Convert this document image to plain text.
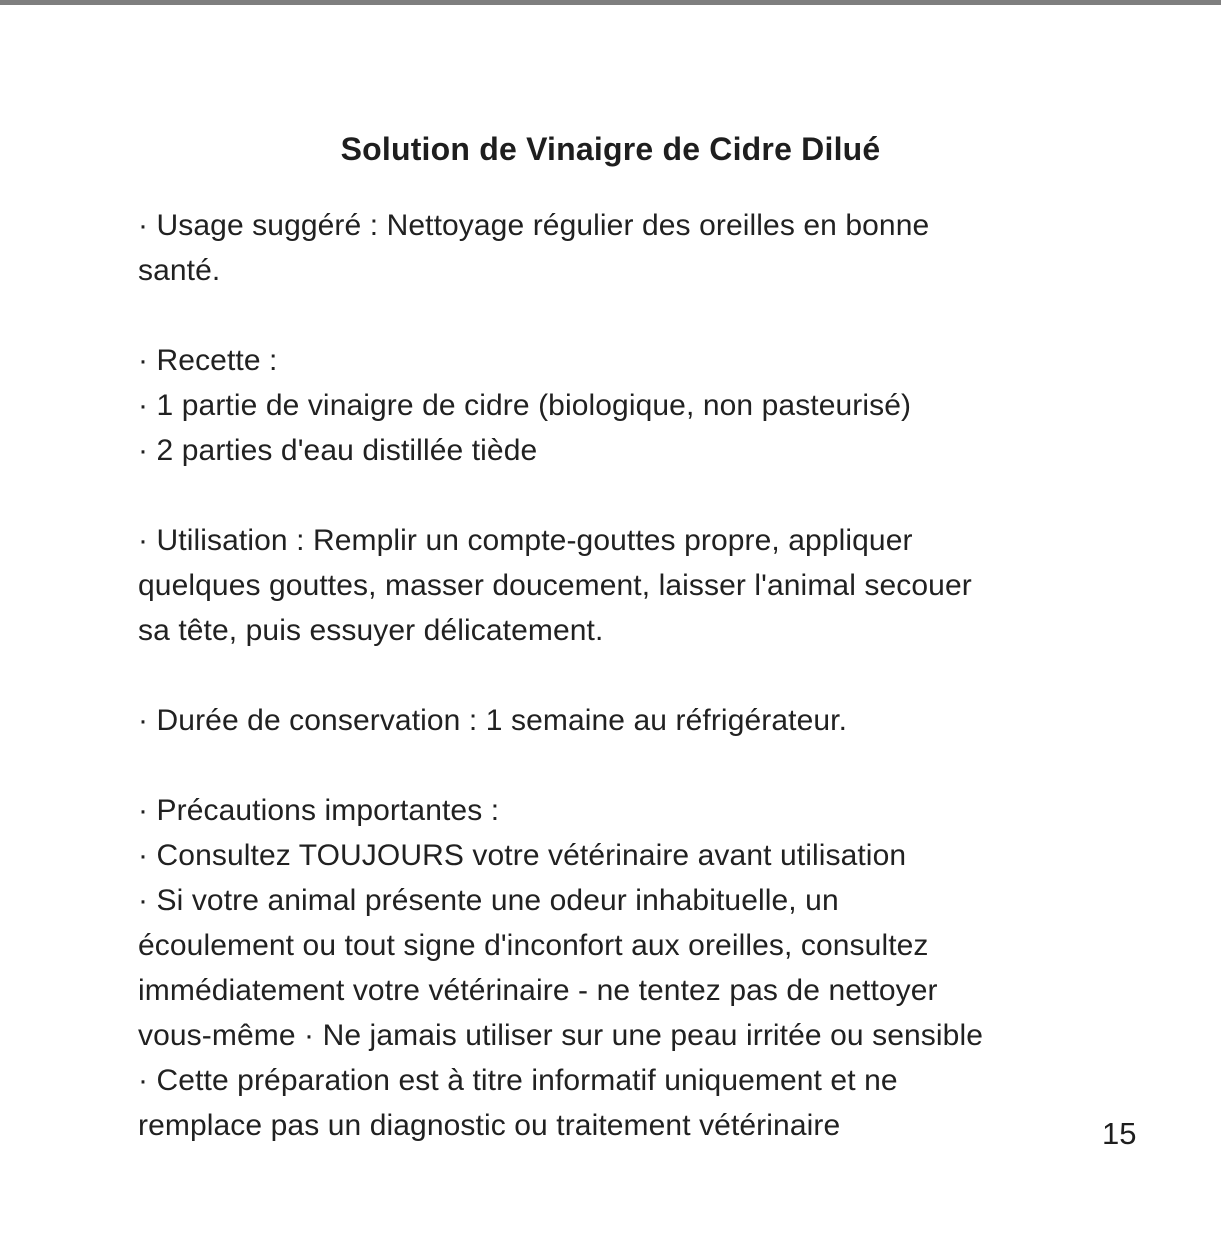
Solution de Vinaigre de Cidre Dilué
· Usage suggéré : Nettoyage régulier des oreilles en bonne
santé.
· Recette :
· 1 partie de vinaigre de cidre (biologique, non pasteurisé)
· 2 parties d'eau distillée tiède
· Utilisation : Remplir un compte-gouttes propre, appliquer
quelques gouttes, masser doucement, laisser l'animal secouer
sa tête, puis essuyer délicatement.
· Durée de conservation : 1 semaine au réfrigérateur.
· Précautions importantes :
· Consultez TOUJOURS votre vétérinaire avant utilisation
· Si votre animal présente une odeur inhabituelle, un
écoulement ou tout signe d'inconfort aux oreilles, consultez
immédiatement votre vétérinaire - ne tentez pas de nettoyer
vous-même · Ne jamais utiliser sur une peau irritée ou sensible
· Cette préparation est à titre informatif uniquement et ne
remplace pas un diagnostic ou traitement vétérinaire	15
